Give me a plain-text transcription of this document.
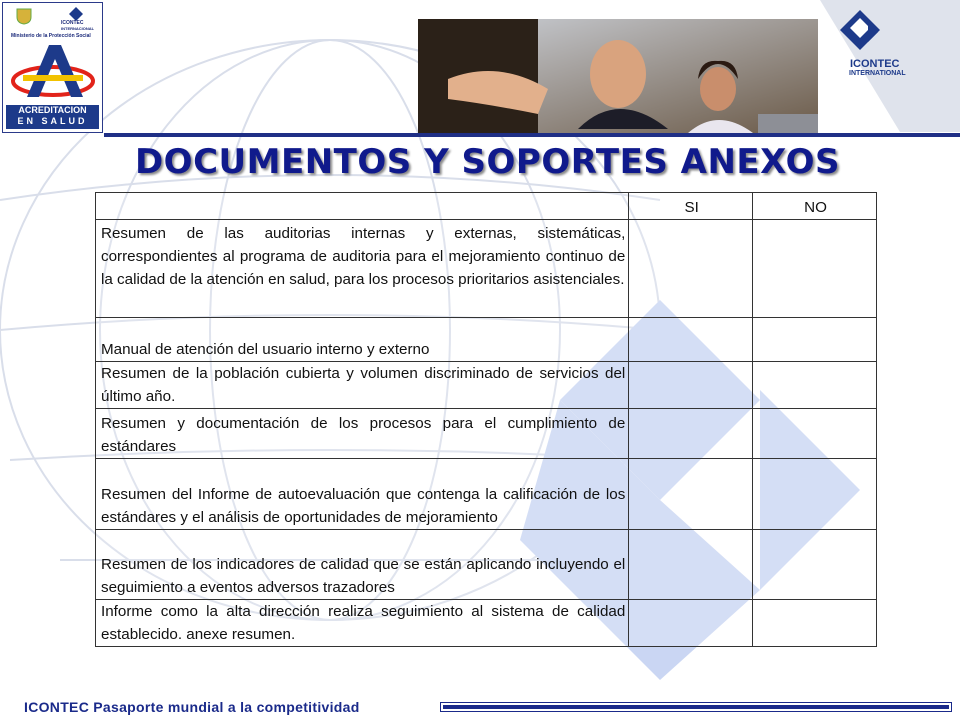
ICONTEC
INTERNACIONAL
Ministerio de la Protección Social
ACREDITACION
EN SALUD
ICONTEC
INTERNATIONAL
DOCUMENTOS Y SOPORTES ANEXOS
	SI	NO
Resumen de las auditorias internas y externas, sistemáticas, correspondientes al programa de auditoria para el mejoramiento continuo de la calidad de la atención en salud, para los procesos prioritarios asistenciales.		
Manual de atención del usuario interno y externo		
Resumen de la población cubierta y volumen discriminado de servicios del último año.		
Resumen y documentación de los procesos para el cumplimiento de estándares		
Resumen del Informe de autoevaluación que contenga la calificación de los estándares y el análisis de oportunidades de mejoramiento		
Resumen de los indicadores de calidad que se están aplicando incluyendo el seguimiento a eventos adversos trazadores		
Informe como la alta dirección realiza seguimiento al sistema de calidad establecido. anexe resumen.		
ICONTEC Pasaporte mundial a la competitividad
